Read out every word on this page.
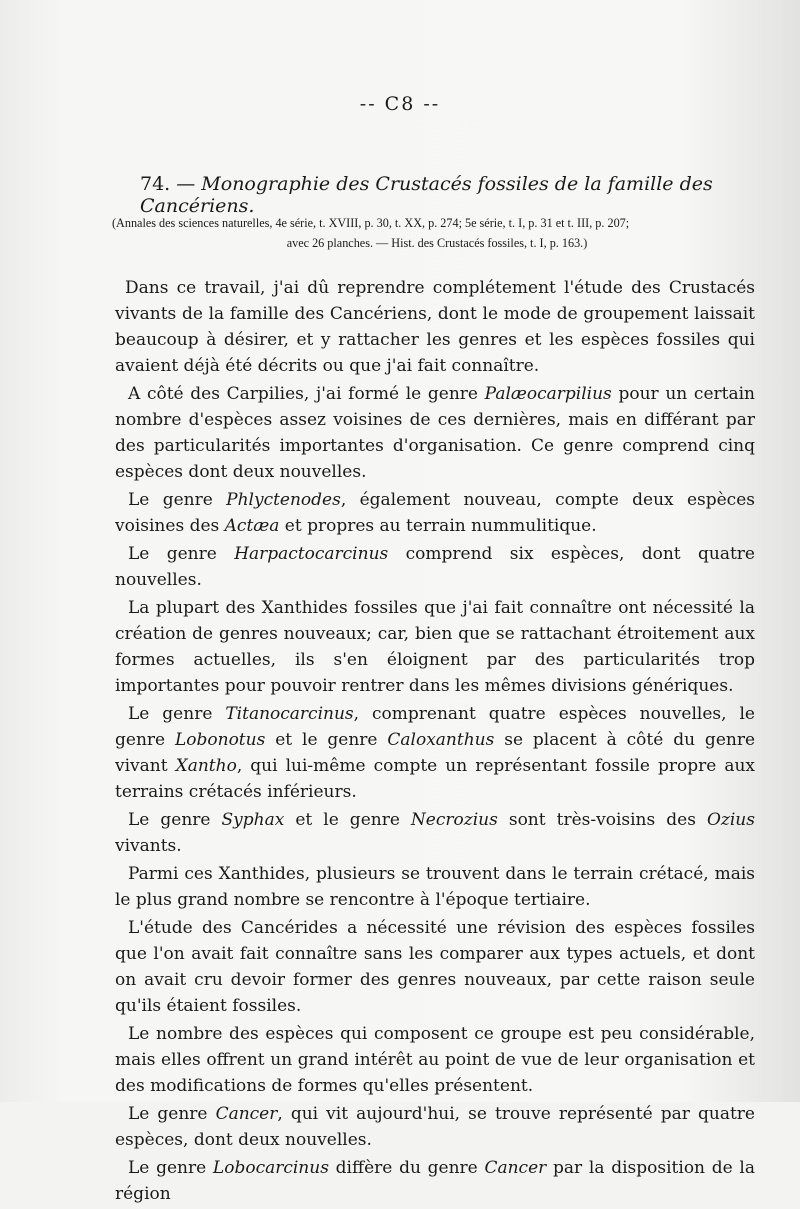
-- C8 --
74. — Monographie des Crustacés fossiles de la famille des Cancériens.
(Annales des sciences naturelles, 4e série, t. XVIII, p. 30, t. XX, p. 274; 5e série, t. I, p. 31 et t. III, p. 207;
avec 26 planches. — Hist. des Crustacés fossiles, t. I, p. 163.)

Dans ce travail, j'ai dû reprendre complétement l'étude des Crustacés vivants de la famille des Cancériens, dont le mode de groupement laissait beaucoup à désirer, et y rattacher les genres et les espèces fossiles qui avaient déjà été décrits ou que j'ai fait connaître.

A côté des Carpilies, j'ai formé le genre Palæocarpilius pour un certain nombre d'espèces assez voisines de ces dernières, mais en différant par des particularités importantes d'organisation. Ce genre comprend cinq espèces dont deux nouvelles.

Le genre Phlyctenodes, également nouveau, compte deux espèces voisines des Actæa et propres au terrain nummulitique.

Le genre Harpactocarcinus comprend six espèces, dont quatre nouvelles.

La plupart des Xanthides fossiles que j'ai fait connaître ont nécessité la création de genres nouveaux; car, bien que se rattachant étroitement aux formes actuelles, ils s'en éloignent par des particularités trop importantes pour pouvoir rentrer dans les mêmes divisions génériques.

Le genre Titanocarcinus, comprenant quatre espèces nouvelles, le genre Lobonotus et le genre Caloxanthus se placent à côté du genre vivant Xantho, qui lui-même compte un représentant fossile propre aux terrains crétacés inférieurs.

Le genre Syphax et le genre Necrozius sont très-voisins des Ozius vivants.

Parmi ces Xanthides, plusieurs se trouvent dans le terrain crétacé, mais le plus grand nombre se rencontre à l'époque tertiaire.

L'étude des Cancérides a nécessité une révision des espèces fossiles que l'on avait fait connaître sans les comparer aux types actuels, et dont on avait cru devoir former des genres nouveaux, par cette raison seule qu'ils étaient fossiles.

Le nombre des espèces qui composent ce groupe est peu considérable, mais elles offrent un grand intérêt au point de vue de leur organisation et des modifications de formes qu'elles présentent.

Le genre Cancer, qui vit aujourd'hui, se trouve représenté par quatre espèces, dont deux nouvelles.

Le genre Lobocarcinus diffère du genre Cancer par la disposition de la région
